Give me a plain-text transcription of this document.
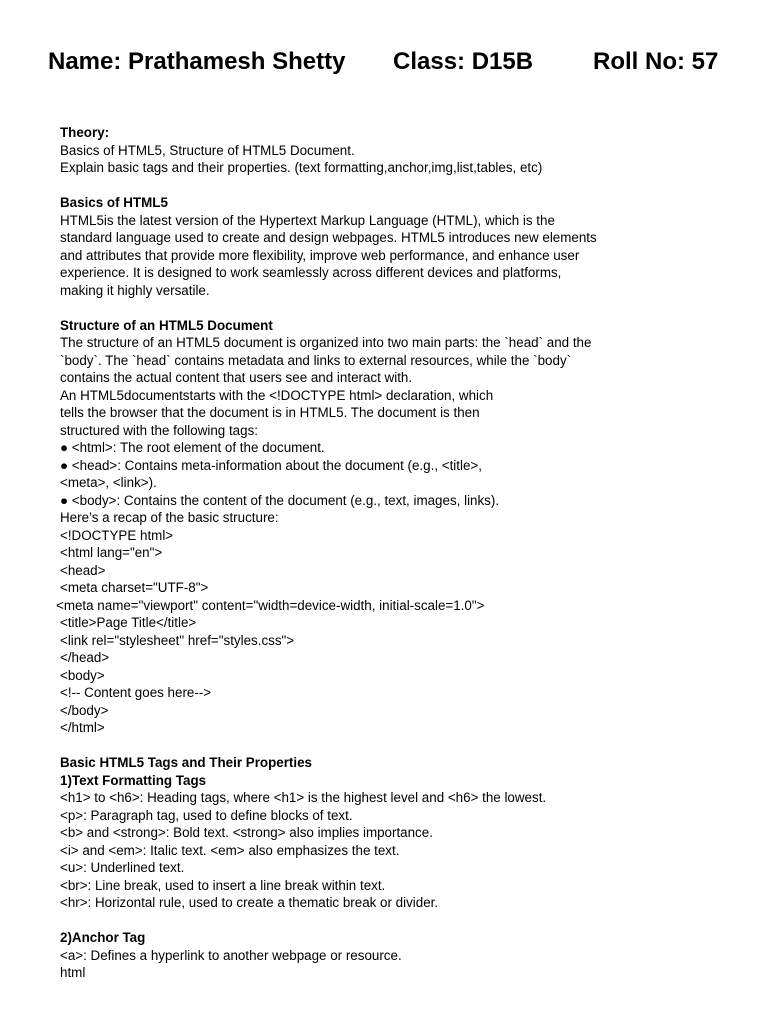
Name: Prathamesh Shetty Class: D15B Roll No: 57
Theory:
Basics of HTML5, Structure of HTML5 Document.
Explain basic tags and their properties. (text formatting,anchor,img,list,tables, etc)
Basics of HTML5
HTML5is the latest version of the Hypertext Markup Language (HTML), which is the
standard language used to create and design webpages. HTML5 introduces new elements
and attributes that provide more flexibility, improve web performance, and enhance user
experience. It is designed to work seamlessly across different devices and platforms,
making it highly versatile.
Structure of an HTML5 Document
The structure of an HTML5 document is organized into two main parts: the `head` and the
`body`. The `head` contains metadata and links to external resources, while the `body`
contains the actual content that users see and interact with.
An HTML5documentstarts with the <!DOCTYPE html> declaration, which
tells the browser that the document is in HTML5. The document is then
structured with the following tags:
● <html>: The root element of the document.
● <head>: Contains meta-information about the document (e.g., <title>,
<meta>, <link>).
● <body>: Contains the content of the document (e.g., text, images, links).
Here’s a recap of the basic structure:
<!DOCTYPE html>
<html lang="en">
<head>
<meta charset="UTF-8">
<meta name="viewport" content="width=device-width, initial-scale=1.0">
<title>Page Title</title>
<link rel="stylesheet" href="styles.css">
</head>
<body>
<!-- Content goes here-->
</body>
</html>
Basic HTML5 Tags and Their Properties
1)Text Formatting Tags
<h1> to <h6>: Heading tags, where <h1> is the highest level and <h6> the lowest.
<p>: Paragraph tag, used to define blocks of text.
<b> and <strong>: Bold text. <strong> also implies importance.
<i> and <em>: Italic text. <em> also emphasizes the text.
<u>: Underlined text.
<br>: Line break, used to insert a line break within text.
<hr>: Horizontal rule, used to create a thematic break or divider.
2)Anchor Tag
<a>: Defines a hyperlink to another webpage or resource.
html
